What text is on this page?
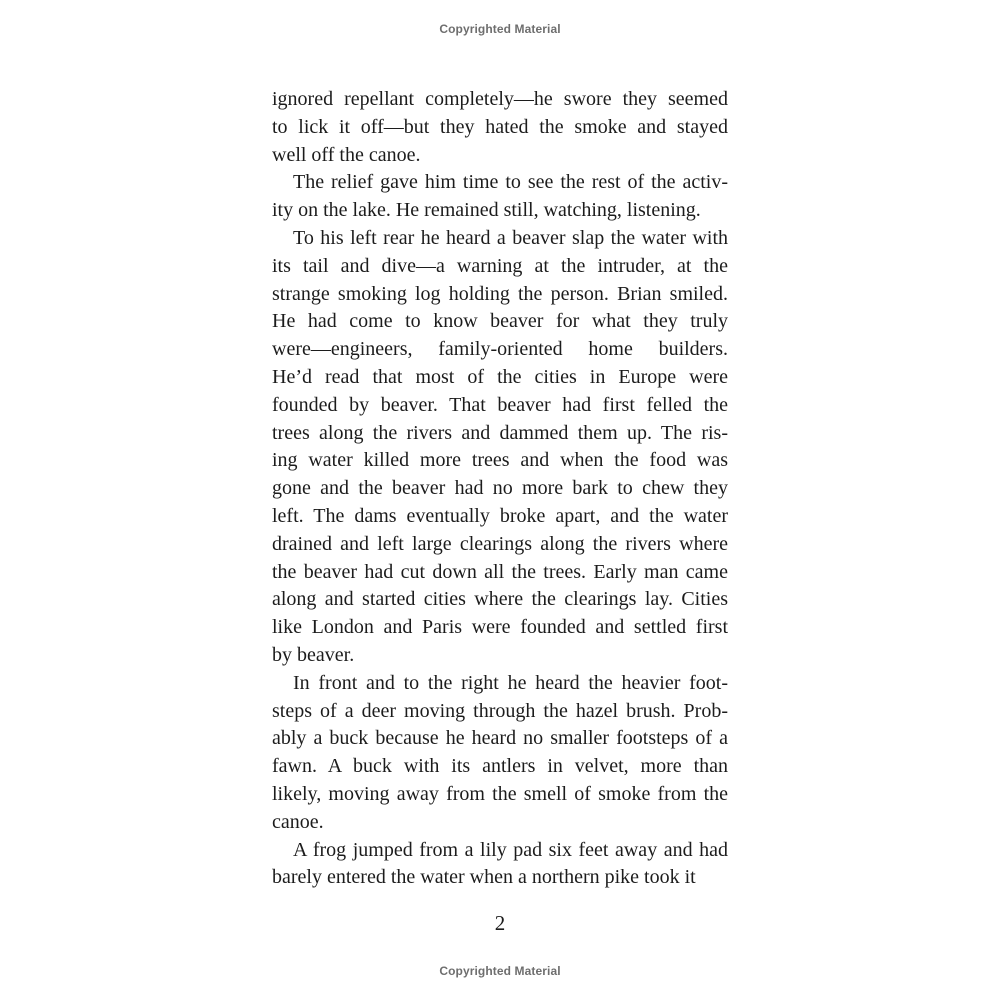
Copyrighted Material
ignored repellant completely—he swore they seemed
to lick it off—but they hated the smoke and stayed
well off the canoe.
The relief gave him time to see the rest of the activ-
ity on the lake. He remained still, watching, listening.
To his left rear he heard a beaver slap the water with
its tail and dive—a warning at the intruder, at the
strange smoking log holding the person. Brian smiled.
He had come to know beaver for what they truly
were—engineers, family-oriented home builders.
He’d read that most of the cities in Europe were
founded by beaver. That beaver had first felled the
trees along the rivers and dammed them up. The ris-
ing water killed more trees and when the food was
gone and the beaver had no more bark to chew they
left. The dams eventually broke apart, and the water
drained and left large clearings along the rivers where
the beaver had cut down all the trees. Early man came
along and started cities where the clearings lay. Cities
like London and Paris were founded and settled first
by beaver.
In front and to the right he heard the heavier foot-
steps of a deer moving through the hazel brush. Prob-
ably a buck because he heard no smaller footsteps of a
fawn. A buck with its antlers in velvet, more than
likely, moving away from the smell of smoke from the
canoe.
A frog jumped from a lily pad six feet away and had
barely entered the water when a northern pike took it
2
Copyrighted Material
